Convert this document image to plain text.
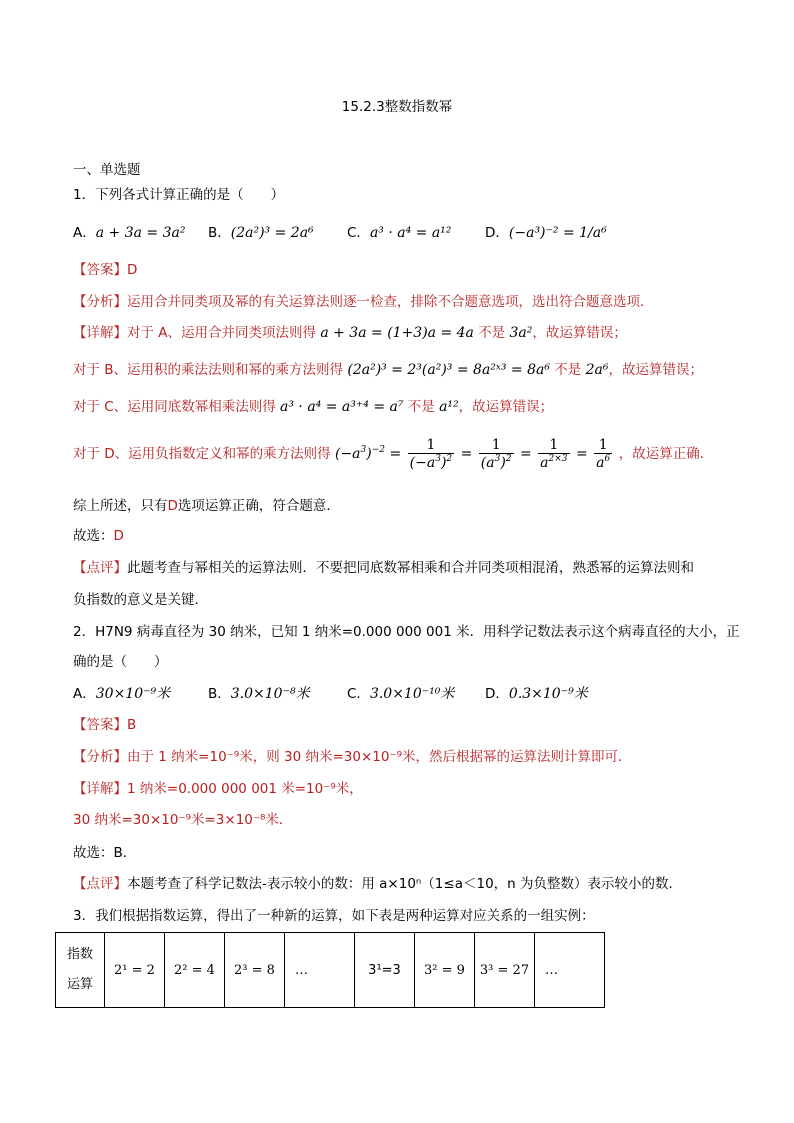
15.2.3整数指数幂
一、单选题
1．下列各式计算正确的是（　　）
A．a + 3a = 3a² B．(2a²)³ = 2a⁶ C．a³ · a⁴ = a¹² D．(−a³)⁻² = 1/a⁶
【答案】D
【分析】运用合并同类项及幂的有关运算法则逐一检查，排除不合题意选项，选出符合题意选项．
【详解】对于 A、运用合并同类项法则得 a + 3a = (1+3)a = 4a 不是 3a²，故运算错误；
对于 B、运用积的乘法法则和幂的乘方法则得 (2a²)³ = 2³(a²)³ = 8a²ˣ³ = 8a⁶ 不是 2a⁶，故运算错误；
对于 C、运用同底数幂相乘法则得 a³ · a⁴ = a³⁺⁴ = a⁷ 不是 a¹²，故运算错误；
对于 D、运用负指数定义和幂的乘方法则得 $(-a^3)^{-2} = \frac{1}{(-a^3)^2} = \frac{1}{(a^3)^2} = \frac{1}{a^{2\times 3}} = \frac{1}{a^6}$ ，故运算正确．
综上所述，只有D选项运算正确，符合题意．
故选：D
【点评】此题考查与幂相关的运算法则．不要把同底数幂相乘和合并同类项相混淆，熟悉幂的运算法则和
负指数的意义是关键．
2．H7N9 病毒直径为 30 纳米，已知 1 纳米=0.000 000 001 米．用科学记数法表示这个病毒直径的大小，正
确的是（　　）
A．30×10⁻⁹米	B．3.0×10⁻⁸米	C．3.0×10⁻¹⁰米 D．0.3×10⁻⁹米
【答案】B
【分析】由于 1 纳米=10⁻⁹米，则 30 纳米=30×10⁻⁹米，然后根据幂的运算法则计算即可．
【详解】1 纳米=0.000 000 001 米=10⁻⁹米，
30 纳米=30×10⁻⁹米=3×10⁻⁸米．
故选：B．
【点评】本题考查了科学记数法-表示较小的数：用 a×10ⁿ（1≤a＜10，n 为负整数）表示较小的数．
3．我们根据指数运算，得出了一种新的运算，如下表是两种运算对应关系的一组实例：
指数
运算
	2¹ = 2	2² = 4	2³ = 8	…	3¹=3	3² = 9	3³ = 27	…
